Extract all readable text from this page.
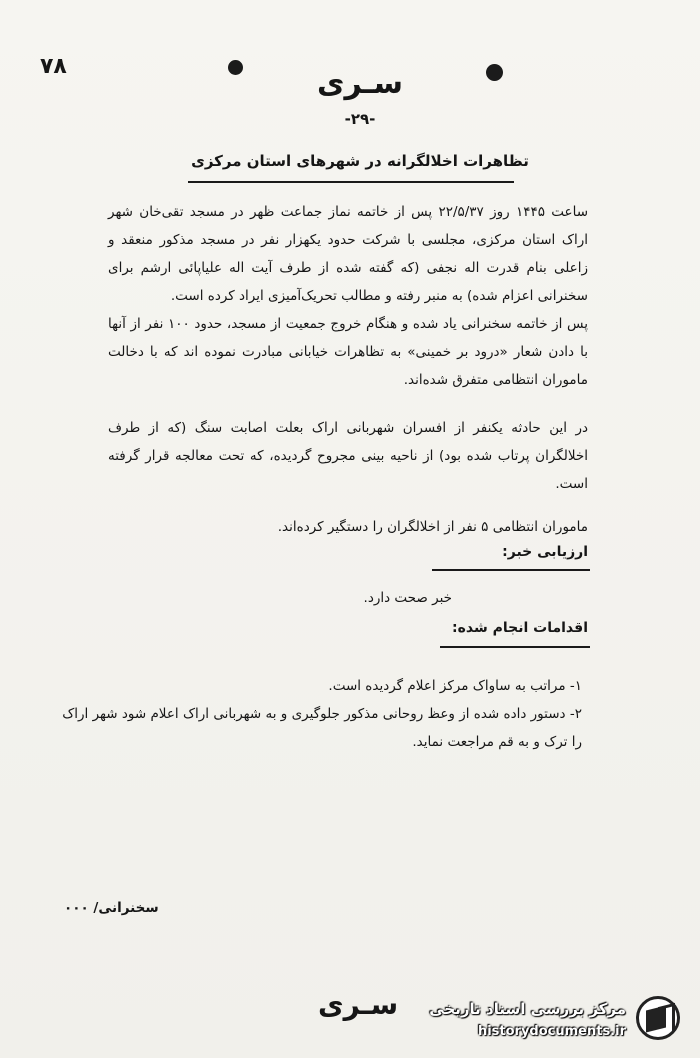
۷۸	سـری
-۲۹-
تظاهرات اخلالگرانه در شهرهای استان مرکزی
ساعت ۱۴۴۵ روز ۲۲/۵/۳۷ پس از خاتمه نماز جماعت ظهر در مسجد تقی‌خان شهر اراک استان مرکزی، مجلسی با شرکت حدود یکهزار نفر در مسجد مذکور منعقد و زاعلی بنام قدرت اله نجفی (که گفته شده از طرف آیت اله علیاپائی ارشم برای سخنرانی اعزام شده) به منبر رفته و مطالب تحریک‌آمیزی ایراد کرده است.
پس از خاتمه سخنرانی یاد شده و هنگام خروج جمعیت از مسجد، حدود ۱۰۰ نفر از آنها با دادن شعار «درود بر خمینی» به تظاهرات خیابانی مبادرت نموده اند که با دخالت ماموران انتظامی متفرق شده‌اند.
در این حادثه یکنفر از افسران شهربانی اراک بعلت اصابت سنگ (که از طرف اخلالگران پرتاب شده بود) از ناحیه بینی مجروح گردیده، که تحت معالجه قرار گرفته است.
ماموران انتظامی ۵ نفر از اخلالگران را دستگیر کرده‌اند.
ارزیابی خبر:
خبر صحت دارد.
اقدامات انجام شده:
۱- مراتب به ساواک مرکز اعلام گردیده است.
۲- دستور داده شده از وعظ روحانی مذکور جلوگیری و به شهربانی اراک اعلام شود شهر اراک را ترک و به قم مراجعت نماید.
سخنرانی/ ۰۰۰
سـری مرکز بررسی اسناد تاریخی
historydocuments.ir
